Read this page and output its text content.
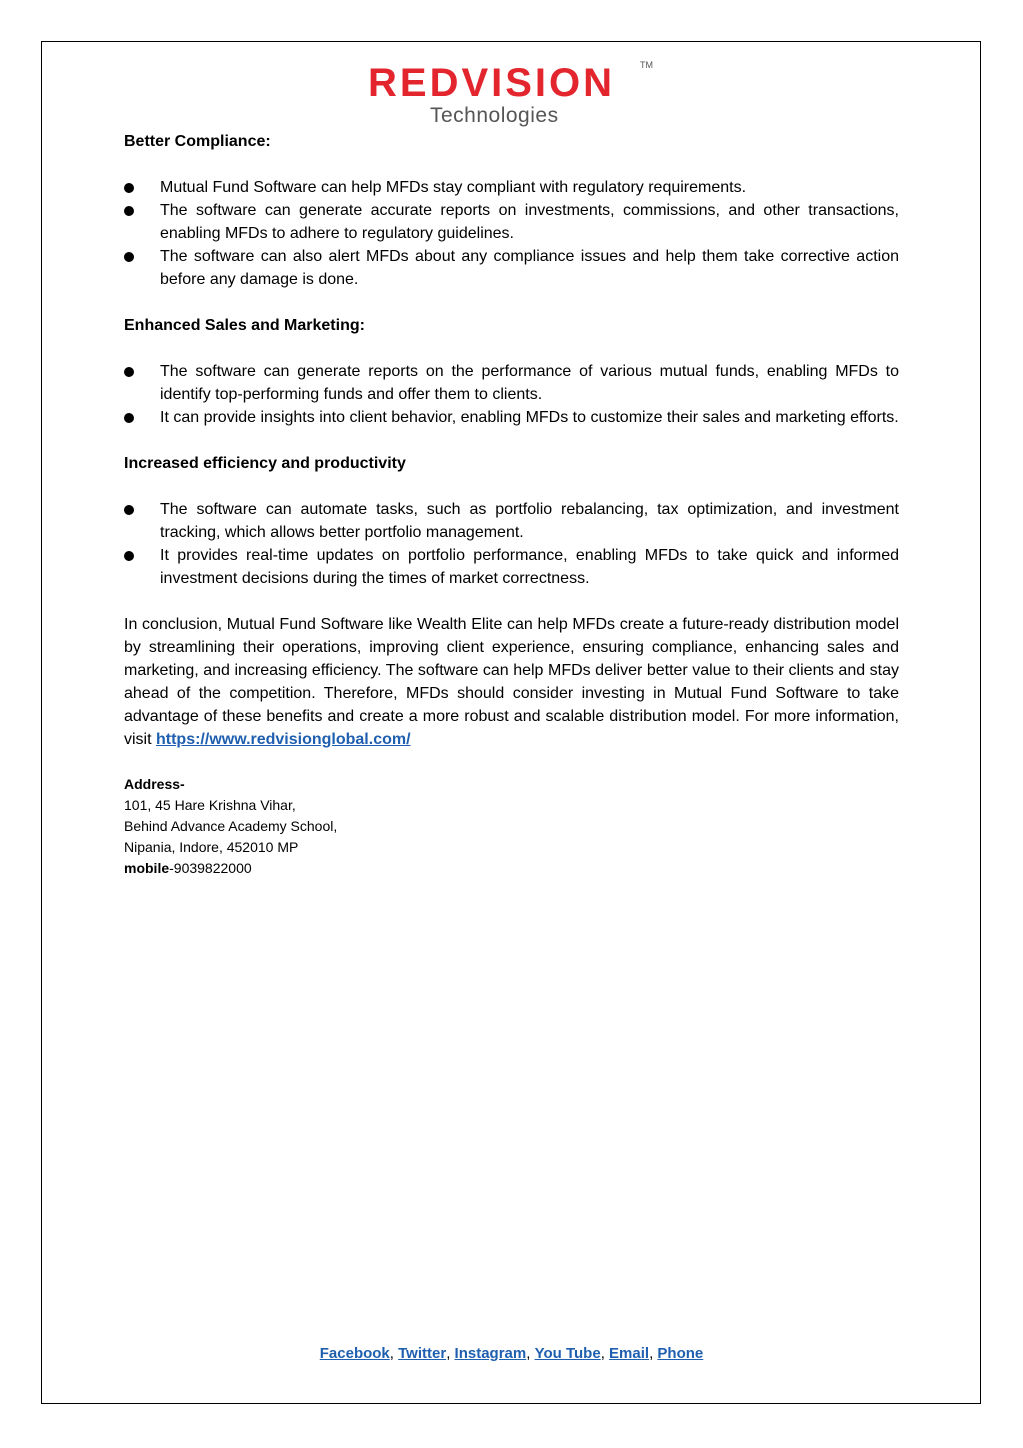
REDVISION	TM
Technologies

Better Compliance:

Mutual Fund Software can help MFDs stay compliant with regulatory requirements.
The software can generate accurate reports on investments, commissions, and other transactions, enabling MFDs to adhere to regulatory guidelines.
The software can also alert MFDs about any compliance issues and help them take corrective action before any damage is done.

Enhanced Sales and Marketing:

The software can generate reports on the performance of various mutual funds, enabling MFDs to identify top-performing funds and offer them to clients.
It can provide insights into client behavior, enabling MFDs to customize their sales and marketing efforts.

Increased efficiency and productivity

The software can automate tasks, such as portfolio rebalancing, tax optimization, and investment tracking, which allows better portfolio management.
It provides real-time updates on portfolio performance, enabling MFDs to take quick and informed investment decisions during the times of market correctness.

In conclusion, Mutual Fund Software like Wealth Elite can help MFDs create a future-ready distribution model by streamlining their operations, improving client experience, ensuring compliance, enhancing sales and marketing, and increasing efficiency. The software can help MFDs deliver better value to their clients and stay ahead of the competition. Therefore, MFDs should consider investing in Mutual Fund Software to take advantage of these benefits and create a more robust and scalable distribution model. For more information, visit https://www.redvisionglobal.com/

Address-
101, 45 Hare Krishna Vihar,
Behind Advance Academy School,
Nipania, Indore, 452010 MP
mobile-9039822000
Facebook, Twitter, Instagram, You Tube, Email, Phone
